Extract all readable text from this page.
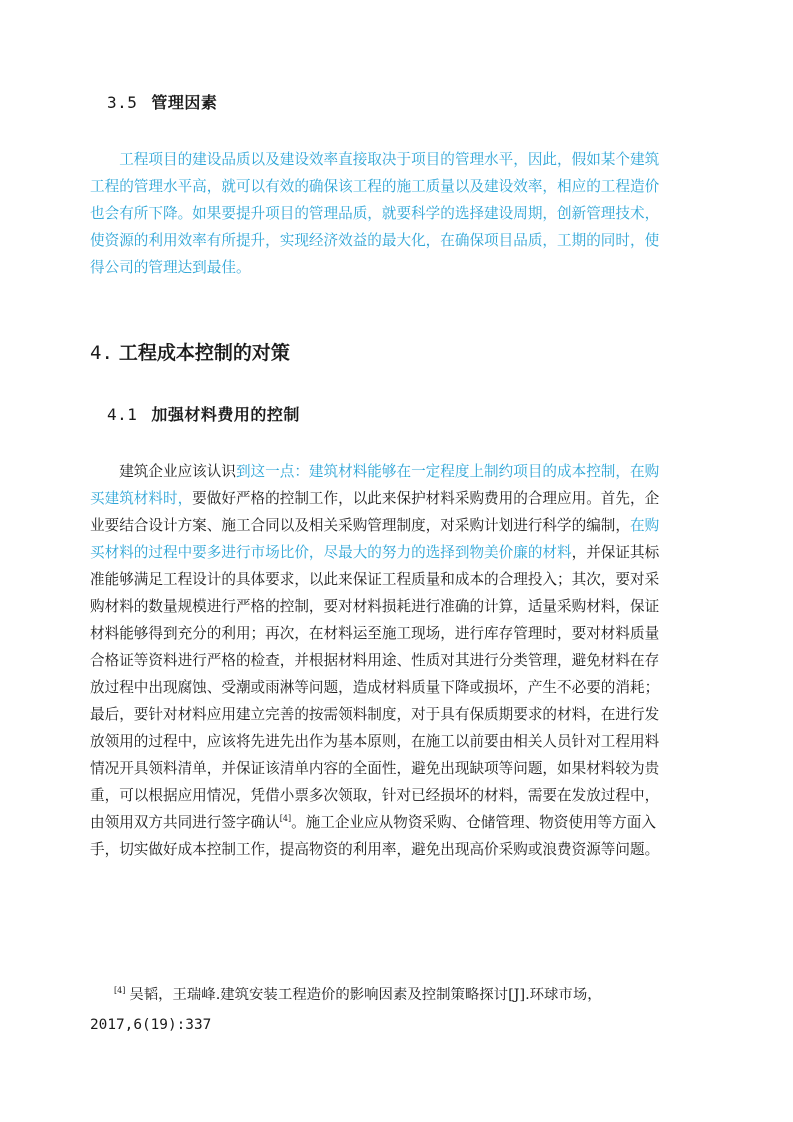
3.5 管理因素
工程项目的建设品质以及建设效率直接取决于项目的管理水平，因此，假如某个建筑
工程的管理水平高，就可以有效的确保该工程的施工质量以及建设效率，相应的工程造价
也会有所下降。如果要提升项目的管理品质，就要科学的选择建设周期，创新管理技术，
使资源的利用效率有所提升，实现经济效益的最大化，在确保项目品质，工期的同时，使
得公司的管理达到最佳。
4. 工程成本控制的对策
4.1 加强材料费用的控制
建筑企业应该认识到这一点：建筑材料能够在一定程度上制约项目的成本控制，在购
买建筑材料时，要做好严格的控制工作，以此来保护材料采购费用的合理应用。首先，企
业要结合设计方案、施工合同以及相关采购管理制度，对采购计划进行科学的编制，在购
买材料的过程中要多进行市场比价，尽最大的努力的选择到物美价廉的材料，并保证其标
准能够满足工程设计的具体要求，以此来保证工程质量和成本的合理投入；其次，要对采
购材料的数量规模进行严格的控制，要对材料损耗进行准确的计算，适量采购材料，保证
材料能够得到充分的利用；再次，在材料运至施工现场，进行库存管理时，要对材料质量
合格证等资料进行严格的检查，并根据材料用途、性质对其进行分类管理，避免材料在存
放过程中出现腐蚀、受潮或雨淋等问题，造成材料质量下降或损坏，产生不必要的消耗；
最后，要针对材料应用建立完善的按需领料制度，对于具有保质期要求的材料，在进行发
放领用的过程中，应该将先进先出作为基本原则，在施工以前要由相关人员针对工程用料
情况开具领料清单，并保证该清单内容的全面性，避免出现缺项等问题，如果材料较为贵
重，可以根据应用情况，凭借小票多次领取，针对已经损坏的材料，需要在发放过程中，
由领用双方共同进行签字确认[4]。施工企业应从物资采购、仓储管理、物资使用等方面入
手，切实做好成本控制工作，提高物资的利用率，避免出现高价采购或浪费资源等问题。
[4] 吴韬，王瑞峰.建筑安装工程造价的影响因素及控制策略探讨[J].环球市场，
2017,6(19):337
